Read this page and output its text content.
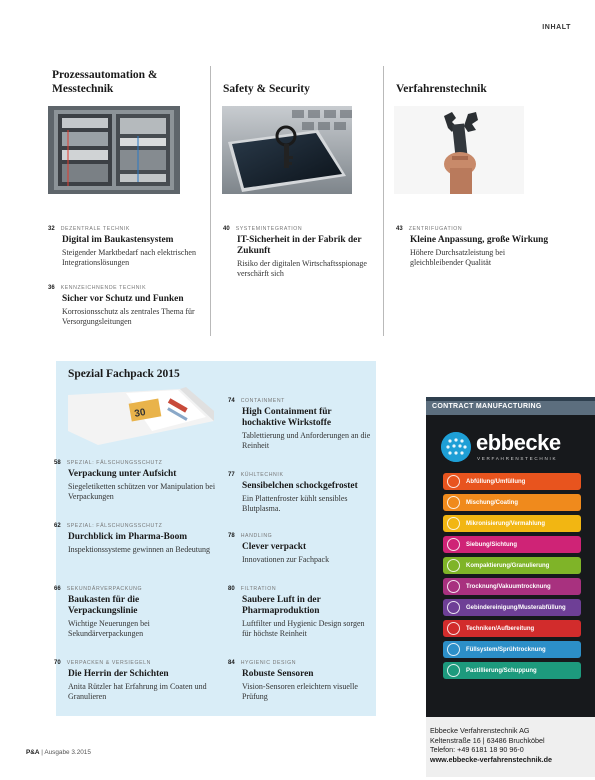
INHALT
Prozessautomation & Messtechnik
32 DEZENTRALE TECHNIK
Digital im Baukastensystem
Steigender Marktbedarf nach elektrischen Integrationslösungen
36 KENNZEICHNENDE TECHNIK
Sicher vor Schutz und Funken
Korrosionsschutz als zentrales Thema für Versorgungsleitungen
Safety & Security
40 SYSTEMINTEGRATION
IT-Sicherheit in der Fabrik der Zukunft
Risiko der digitalen Wirtschaftsspionage verschärft sich
Verfahrenstechnik
43 ZENTRIFUGATION
Kleine Anpassung, große Wirkung
Höhere Durchsatzleistung bei gleichbleibender Qualität
Spezial Fachpack 2015
30
58 SPEZIAL: FÄLSCHUNGSSCHUTZ
Verpackung unter Aufsicht
Siegeletiketten schützen vor Manipulation bei Verpackungen
62 SPEZIAL: FÄLSCHUNGSSCHUTZ
Durchblick im Pharma-Boom
Inspektionssysteme gewinnen an Bedeutung
66 SEKUNDÄRVERPACKUNG
Baukasten für die Verpackungslinie
Wichtige Neuerungen bei Sekundärverpackungen
70 VERPACKEN & VERSIEGELN
Die Herrin der Schichten
Anita Rützler hat Erfahrung im Coaten und Granulieren
74 CONTAINMENT
High Containment für hochaktive Wirkstoffe
Tablettierung und Anforderungen an die Reinheit
77 KÜHLTECHNIK
Sensibelchen schockgefrostet
Ein Plattenfroster kühlt sensibles Blutplasma.
78 HANDLING
Clever verpackt
Innovationen zur Fachpack
80 FILTRATION
Saubere Luft in der Pharmaproduktion
Luftfilter und Hygienic Design sorgen für höchste Reinheit
84 HYGIENIC DESIGN
Robuste Sensoren
Vision-Sensoren erleichtern visuelle Prüfung
P&A | Ausgabe 3.2015
CONTRACT MANUFACTURING
ebbecke
VERFAHRENSTECHNIK
Abfüllung/Umfüllung
Mischung/Coating
Mikronisierung/Vermahlung
Siebung/Sichtung
Kompaktierung/Granulierung
Trocknung/Vakuumtrocknung
Gebindereinigung/Musterabfüllung
Techniken/Aufbereitung
Füllsystem/Sprühtrocknung
Pastillierung/Schuppung
Ebbecke Verfahrenstechnik AG
Keltenstraße 16 | 63486 Bruchköbel
Telefon: +49 6181 18 90 96-0
www.ebbecke-verfahrenstechnik.de
